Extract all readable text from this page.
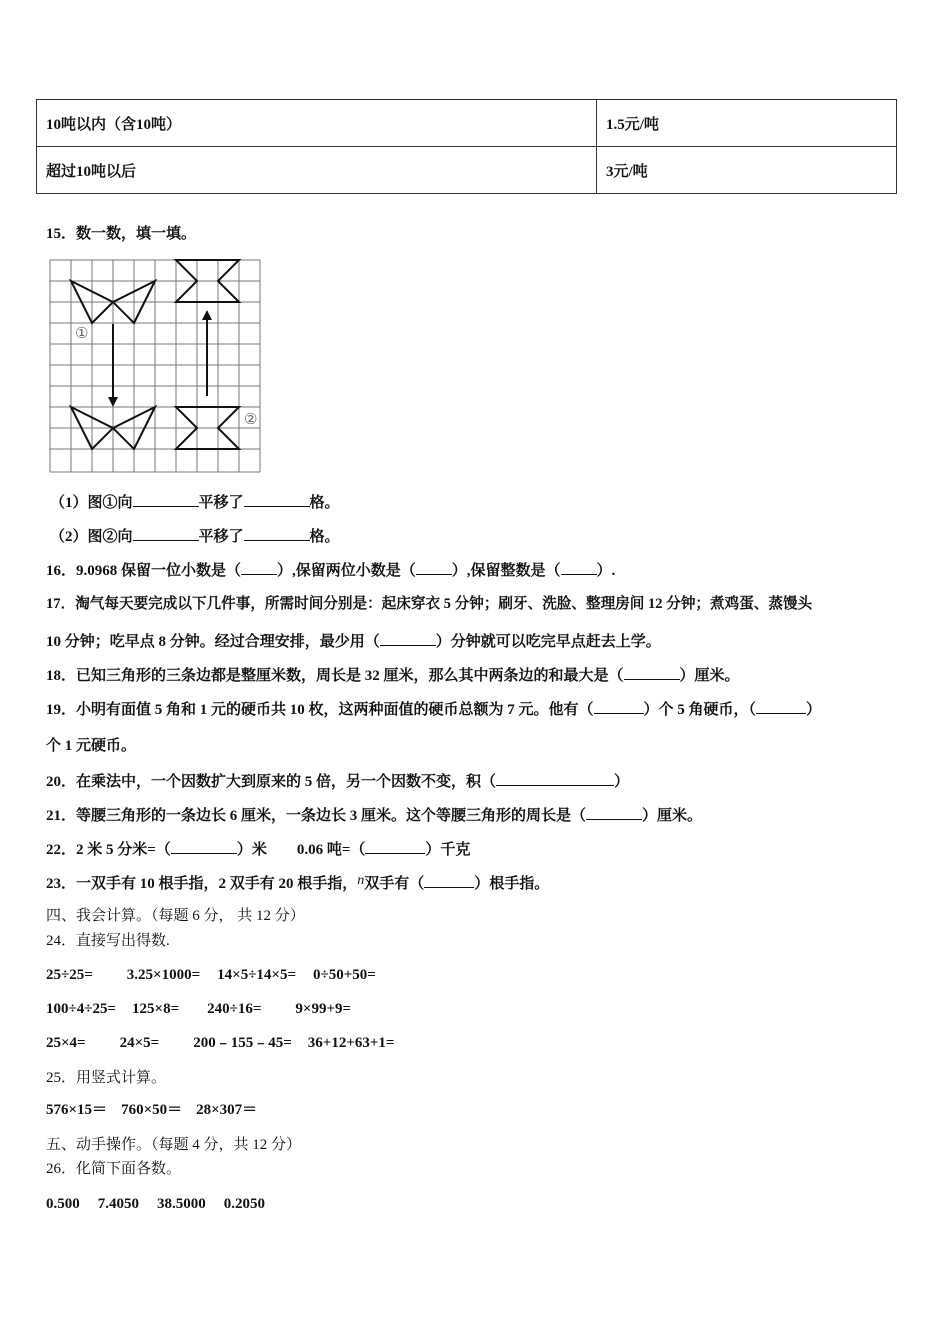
10吨以内（含10吨）	1.5元/吨
超过10吨以后	3元/吨
15．数一数，填一填。
①
②
（1）图①向	平移了	格。
（2）图②向	平移了	格。
16．9.0968 保留一位小数是（ ）,保留两位小数是（ ）,保留整数是（ ）.
17．淘气每天要完成以下几件事，所需时间分别是：起床穿衣 5 分钟；刷牙、洗脸、整理房间 12 分钟；煮鸡蛋、蒸馒头
10 分钟；吃早点 8 分钟。经过合理安排，最少用（	）分钟就可以吃完早点赶去上学。
18．已知三角形的三条边都是整厘米数，周长是 32 厘米，那么其中两条边的和最大是（	）厘米。
19．小明有面值 5 角和 1 元的硬币共 10 枚，这两种面值的硬币总额为 7 元。他有（	）个 5 角硬币，（	）
个 1 元硬币。
20．在乘法中，一个因数扩大到原来的 5 倍，另一个因数不变，积（	）
21．等腰三角形的一条边长 6 厘米，一条边长 3 厘米。这个等腰三角形的周长是（	）厘米。
22．2 米 5 分米=（	）米 0.06 吨=（	）千克
23．一双手有 10 根手指，2 双手有 20 根手指，n双手有（	）根手指。
四、我会计算。（每题 6 分， 共 12 分）
24．直接写出得数.
25÷25= 3.25×1000= 14×5÷14×5= 0÷50+50=
100÷4÷25= 125×8= 240÷16= 9×99+9=
25×4= 24×5= 200﹣155﹣45= 36+12+63+1=
25．用竖式计算。
576×15＝ 760×50＝ 28×307＝
五、动手操作。（每题 4 分，共 12 分）
26．化简下面各数。
0.500 7.4050 38.5000 0.2050
